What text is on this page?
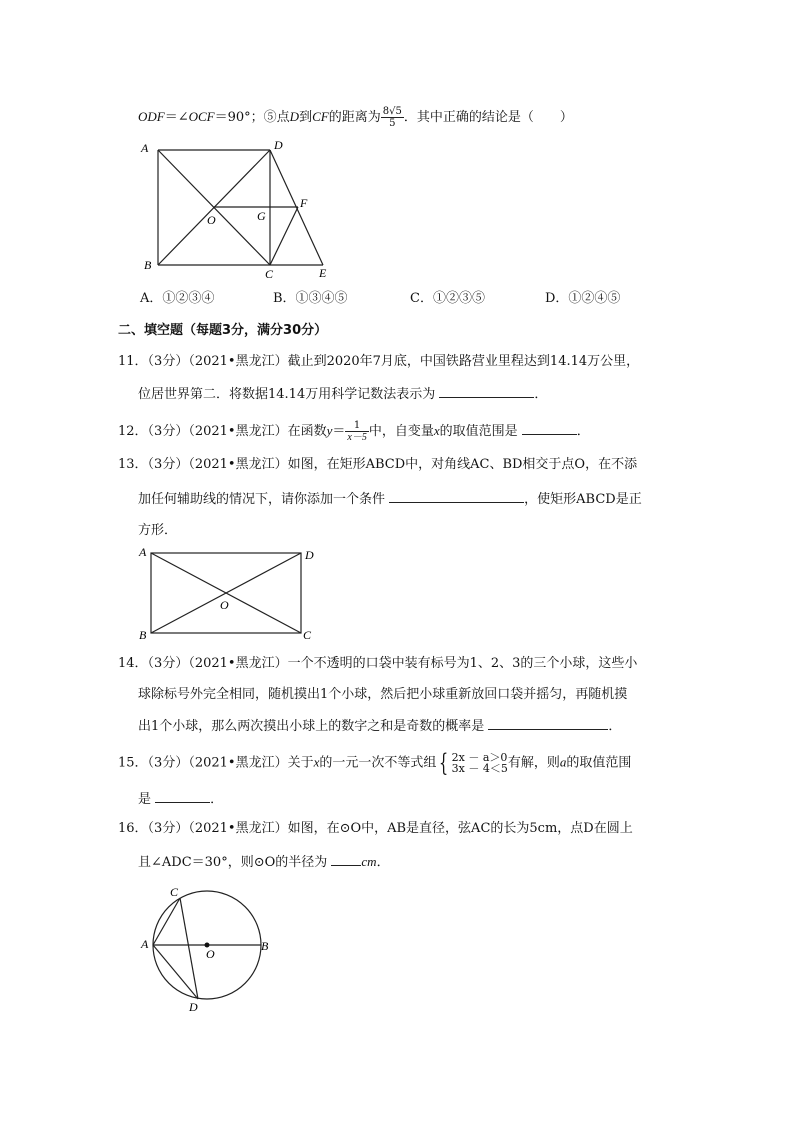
ODF＝∠OCF＝90°；⑤点D到CF的距离为 $\frac{8√5}{5}$ ．其中正确的结论是（　　）
A	D
B
C	E
O	G
F
A．①②③④	B．①③④⑤	C．①②③⑤	D．①②④⑤
二、填空题（每题3分，满分30分）
11．（3分）（2021•黑龙江）截止到2020年7月底，中国铁路营业里程达到14.14万公里，
位居世界第二．将数据14.14万用科学记数法表示为	．
12．（3分）（2021•黑龙江）在函数$y= \frac{1}{x-5}$ 中，自变量x的取值范围是	．
13．（3分）（2021•黑龙江）如图，在矩形ABCD中，对角线AC、BD相交于点O，在不添
加任何辅助线的情况下，请你添加一个条件	，使矩形ABCD是正
方形．
A	D
B	C
O
14．（3分）（2021•黑龙江）一个不透明的口袋中装有标号为1、2、3的三个小球，这些小
球除标号外完全相同，随机摸出1个小球，然后把小球重新放回口袋并摇匀，再随机摸
出1个小球，那么两次摸出小球上的数字之和是奇数的概率是	．
15．（3分）（2021•黑龙江）关于x的一元一次不等式组 { 2x － a＞0
3x － 4＜5 有解，则a的取值范围
是	．
16．（3分）（2021•黑龙江）如图，在⊙O中，AB是直径，弦AC的长为5cm，点D在圆上
且∠ADC＝30°，则⊙O的半径为	cm．
C
A	B
O
D
